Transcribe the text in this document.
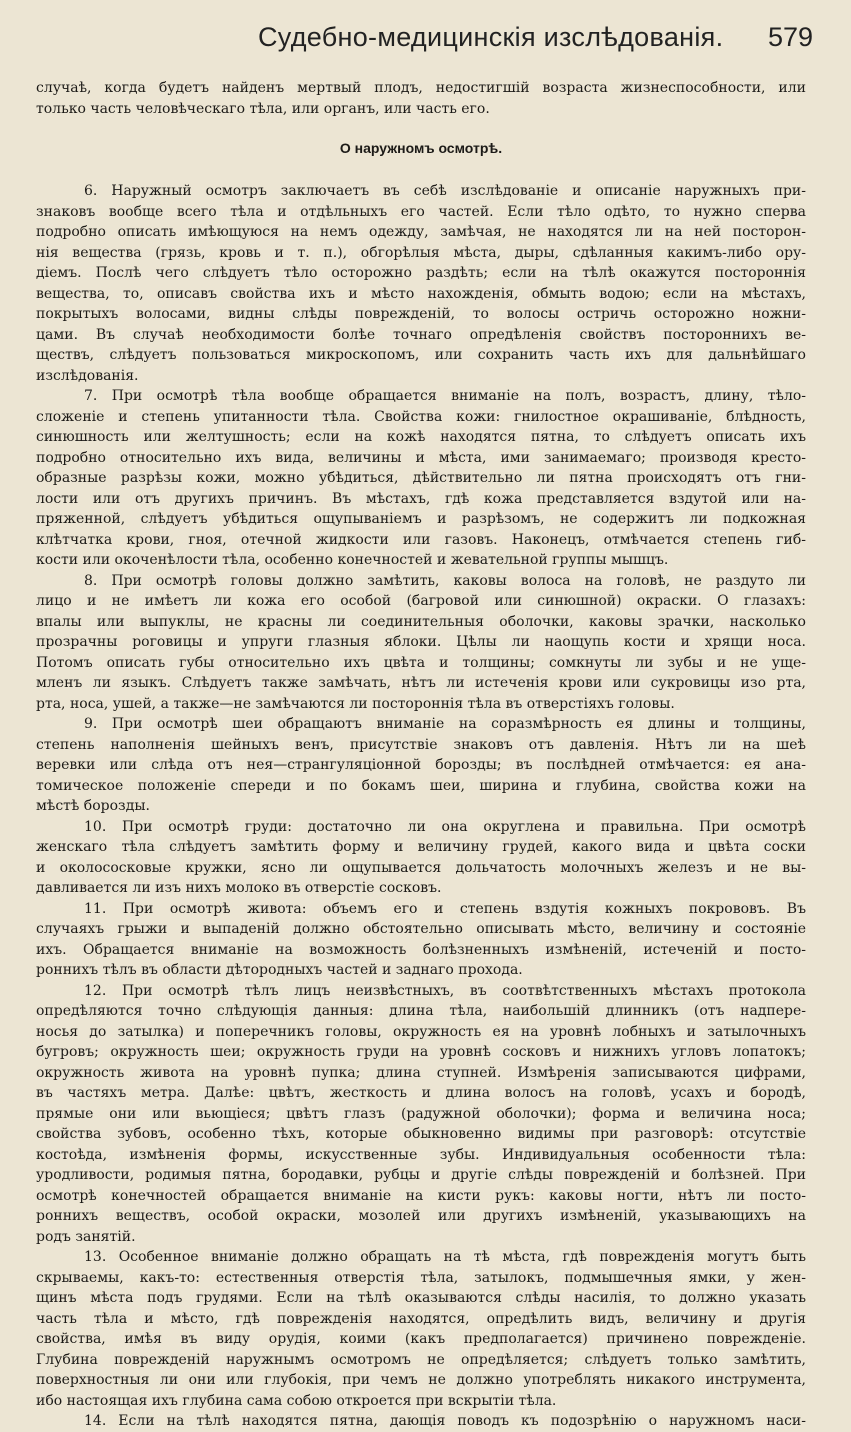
Судебно-медицинскія изслѣдованія. 579
случаѣ, когда будетъ найденъ мертвый плодъ, недостигшій возраста жизнеспособности, или
только часть человѣческаго тѣла, или органъ, или часть его.
О наружномъ осмотрѣ.
6. Наружный осмотръ заключаетъ въ себѣ изслѣдованіе и описаніе наружныхъ при-
знаковъ вообще всего тѣла и отдѣльныхъ его частей. Если тѣло одѣто, то нужно сперва
подробно описать имѣющуюся на немъ одежду, замѣчая, не находятся ли на ней посторон-
нія вещества (грязь, кровь и т. п.), обгорѣлыя мѣста, дыры, сдѣланныя какимъ-либо ору-
діемъ. Послѣ чего слѣдуетъ тѣло осторожно раздѣть; если на тѣлѣ окажутся постороннія
вещества, то, описавъ свойства ихъ и мѣсто нахожденія, обмыть водою; если на мѣстахъ,
покрытыхъ волосами, видны слѣды поврежденій, то волосы остричь осторожно ножни-
цами. Въ случаѣ необходимости болѣе точнаго опредѣленія свойствъ постороннихъ ве-
ществъ, слѣдуетъ пользоваться микроскопомъ, или сохранить часть ихъ для дальнѣйшаго
изслѣдованія.
7. При осмотрѣ тѣла вообще обращается вниманіе на полъ, возрастъ, длину, тѣло-
сложеніе и степень упитанности тѣла. Свойства кожи: гнилостное окрашиваніе, блѣдность,
синюшность или желтушность; если на кожѣ находятся пятна, то слѣдуетъ описать ихъ
подробно относительно ихъ вида, величины и мѣста, ими занимаемаго; производя кресто-
образные разрѣзы кожи, можно убѣдиться, дѣйствительно ли пятна происходятъ отъ гни-
лости или отъ другихъ причинъ. Въ мѣстахъ, гдѣ кожа представляется вздутой или на-
пряженной, слѣдуетъ убѣдиться ощупываніемъ и разрѣзомъ, не содержитъ ли подкожная
клѣтчатка крови, гноя, отечной жидкости или газовъ. Наконецъ, отмѣчается степень гиб-
кости или окоченѣлости тѣла, особенно конечностей и жевательной группы мышцъ.
8. При осмотрѣ головы должно замѣтить, каковы волоса на головѣ, не раздуто ли
лицо и не имѣетъ ли кожа его особой (багровой или синюшной) окраски. О глазахъ:
впалы или выпуклы, не красны ли соединительныя оболочки, каковы зрачки, насколько
прозрачны роговицы и упруги глазныя яблоки. Цѣлы ли наощупь кости и хрящи носа.
Потомъ описать губы относительно ихъ цвѣта и толщины; сомкнуты ли зубы и не уще-
мленъ ли языкъ. Слѣдуетъ также замѣчать, нѣтъ ли истеченія крови или сукровицы изо рта,
рта, носа, ушей, а также—не замѣчаются ли постороннія тѣла въ отверстіяхъ головы.
9. При осмотрѣ шеи обращаютъ вниманіе на соразмѣрность ея длины и толщины,
степень наполненія шейныхъ венъ, присутствіе знаковъ отъ давленія. Нѣтъ ли на шеѣ
веревки или слѣда отъ нея—странгуляціонной борозды; въ послѣдней отмѣчается: ея ана-
томическое положеніе спереди и по бокамъ шеи, ширина и глубина, свойства кожи на
мѣстѣ борозды.
10. При осмотрѣ груди: достаточно ли она округлена и правильна. При осмотрѣ
женскаго тѣла слѣдуетъ замѣтить форму и величину грудей, какого вида и цвѣта соски
и околососковые кружки, ясно ли ощупывается дольчатость молочныхъ железъ и не вы-
давливается ли изъ нихъ молоко въ отверстіе сосковъ.
11. При осмотрѣ живота: объемъ его и степень вздутія кожныхъ покрововъ. Въ
случаяхъ грыжи и выпаденій должно обстоятельно описывать мѣсто, величину и состояніе
ихъ. Обращается вниманіе на возможность болѣзненныхъ измѣненій, истеченій и посто-
роннихъ тѣлъ въ области дѣтородныхъ частей и заднаго прохода.
12. При осмотрѣ тѣлъ лицъ неизвѣстныхъ, въ соотвѣтственныхъ мѣстахъ протокола
опредѣляются точно слѣдующія данныя: длина тѣла, наибольшій длинникъ (отъ надпере-
носья до затылка) и поперечникъ головы, окружность ея на уровнѣ лобныхъ и затылочныхъ
бугровъ; окружность шеи; окружность груди на уровнѣ сосковъ и нижнихъ угловъ лопатокъ;
окружность живота на уровнѣ пупка; длина ступней. Измѣренія записываются цифрами,
въ частяхъ метра. Далѣе: цвѣтъ, жесткость и длина волосъ на головѣ, усахъ и бородѣ,
прямые они или вьющіеся; цвѣтъ глазъ (радужной оболочки); форма и величина носа;
свойства зубовъ, особенно тѣхъ, которые обыкновенно видимы при разговорѣ: отсутствіе
костоѣда, измѣненія формы, искусственные зубы. Индивидуальныя особенности тѣла:
уродливости, родимыя пятна, бородавки, рубцы и другіе слѣды поврежденій и болѣзней. При
осмотрѣ конечностей обращается вниманіе на кисти рукъ: каковы ногти, нѣтъ ли посто-
роннихъ веществъ, особой окраски, мозолей или другихъ измѣненій, указывающихъ на
родъ занятій.
13. Особенное вниманіе должно обращать на тѣ мѣста, гдѣ поврежденія могутъ быть
скрываемы, какъ-то: естественныя отверстія тѣла, затылокъ, подмышечныя ямки, у жен-
щинъ мѣста подъ грудями. Если на тѣлѣ оказываются слѣды насилія, то должно указать
часть тѣла и мѣсто, гдѣ поврежденія находятся, опредѣлить видъ, величину и другія
свойства, имѣя въ виду орудія, коими (какъ предполагается) причинено поврежденіе.
Глубина поврежденій наружнымъ осмотромъ не опредѣляется; слѣдуетъ только замѣтить,
поверхностныя ли они или глубокія, при чемъ не должно употреблять никакого инструмента,
ибо настоящая ихъ глубина сама собою откроется при вскрытіи тѣла.
14. Если на тѣлѣ находятся пятна, дающія поводъ къ подозрѣнію о наружномъ наси-
